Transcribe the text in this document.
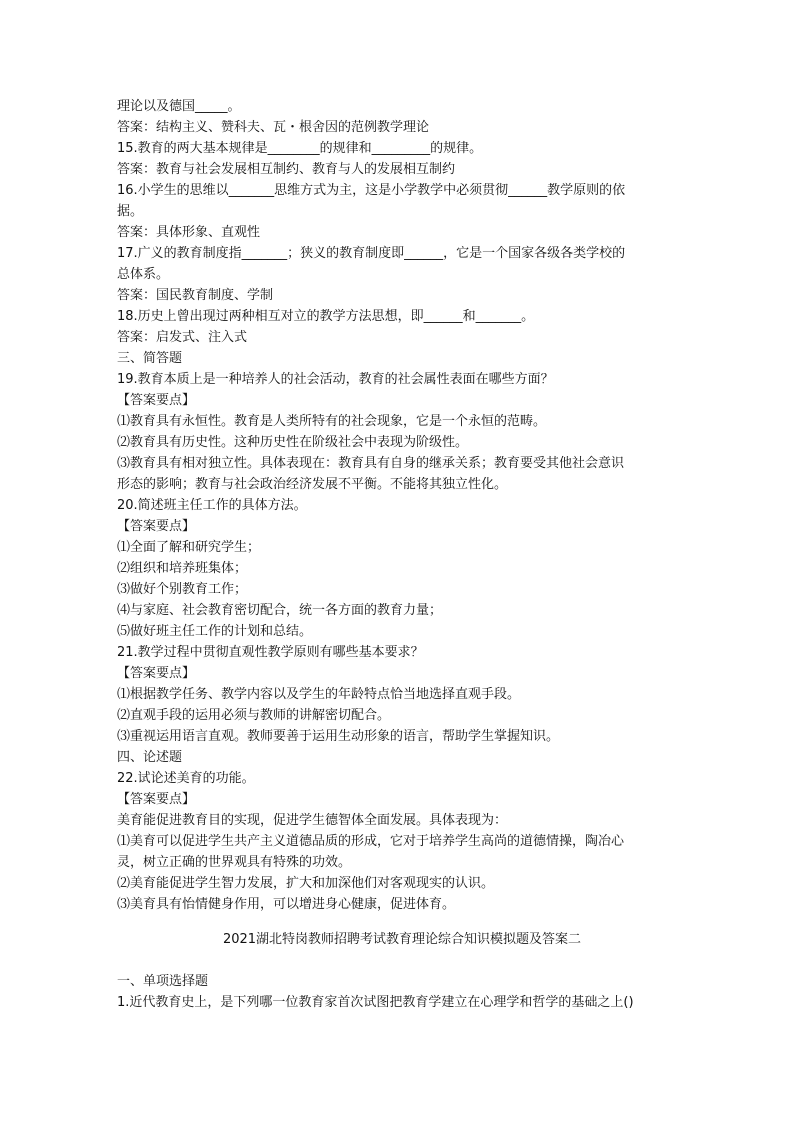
理论以及德国_____。
答案：结构主义、赞科夫、瓦・根舍因的范例教学理论
15.教育的两大基本规律是________的规律和_________的规律。
答案：教育与社会发展相互制约、教育与人的发展相互制约
16.小学生的思维以_______思维方式为主，这是小学教学中必须贯彻______教学原则的依
据。
答案：具体形象、直观性
17.广义的教育制度指_______；狭义的教育制度即______，它是一个国家各级各类学校的
总体系。
答案：国民教育制度、学制
18.历史上曾出现过两种相互对立的教学方法思想，即______和_______。
答案：启发式、注入式
三、简答题
19.教育本质上是一种培养人的社会活动，教育的社会属性表面在哪些方面？
【答案要点】
⑴教育具有永恒性。教育是人类所特有的社会现象，它是一个永恒的范畴。
⑵教育具有历史性。这种历史性在阶级社会中表现为阶级性。
⑶教育具有相对独立性。具体表现在：教育具有自身的继承关系；教育要受其他社会意识
形态的影响；教育与社会政治经济发展不平衡。不能将其独立性化。
20.简述班主任工作的具体方法。
【答案要点】
⑴全面了解和研究学生；
⑵组织和培养班集体；
⑶做好个别教育工作；
⑷与家庭、社会教育密切配合，统一各方面的教育力量；
⑸做好班主任工作的计划和总结。
21.教学过程中贯彻直观性教学原则有哪些基本要求？
【答案要点】
⑴根据教学任务、教学内容以及学生的年龄特点恰当地选择直观手段。
⑵直观手段的运用必须与教师的讲解密切配合。
⑶重视运用语言直观。教师要善于运用生动形象的语言，帮助学生掌握知识。
四、论述题
22.试论述美育的功能。
【答案要点】
美育能促进教育目的实现，促进学生德智体全面发展。具体表现为：
⑴美育可以促进学生共产主义道德品质的形成，它对于培养学生高尚的道德情操，陶冶心
灵，树立正确的世界观具有特殊的功效。
⑵美育能促进学生智力发展，扩大和加深他们对客观现实的认识。
⑶美育具有怡情健身作用，可以增进身心健康，促进体育。
2021湖北特岗教师招聘考试教育理论综合知识模拟题及答案二
一、单项选择题
1.近代教育史上，是下列哪一位教育家首次试图把教育学建立在心理学和哲学的基础之上()
